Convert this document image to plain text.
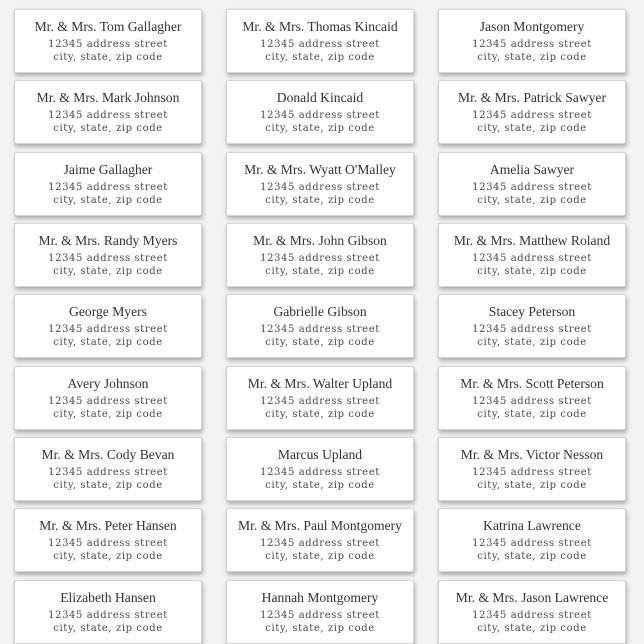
Mr. & Mrs. Tom Gallagher
12345 address street
city, state, zip code
Mr. & Mrs. Thomas Kincaid
12345 address street
city, state, zip code
Jason Montgomery
12345 address street
city, state, zip code
Mr. & Mrs. Mark Johnson
12345 address street
city, state, zip code
Donald Kincaid
12345 address street
city, state, zip code
Mr. & Mrs. Patrick Sawyer
12345 address street
city, state, zip code
Jaime Gallagher
12345 address street
city, state, zip code
Mr. & Mrs. Wyatt O'Malley
12345 address street
city, state, zip code
Amelia Sawyer
12345 address street
city, state, zip code
Mr. & Mrs. Randy Myers
12345 address street
city, state, zip code
Mr. & Mrs. John Gibson
12345 address street
city, state, zip code
Mr. & Mrs. Matthew Roland
12345 address street
city, state, zip code
George Myers
12345 address street
city, state, zip code
Gabrielle Gibson
12345 address street
city, state, zip code
Stacey Peterson
12345 address street
city, state, zip code
Avery Johnson
12345 address street
city, state, zip code
Mr. & Mrs. Walter Upland
12345 address street
city, state, zip code
Mr. & Mrs. Scott Peterson
12345 address street
city, state, zip code
Mr. & Mrs. Cody Bevan
12345 address street
city, state, zip code
Marcus Upland
12345 address street
city, state, zip code
Mr. & Mrs. Victor Nesson
12345 address street
city, state, zip code
Mr. & Mrs. Peter Hansen
12345 address street
city, state, zip code
Mr. & Mrs. Paul Montgomery
12345 address street
city, state, zip code
Katrina Lawrence
12345 address street
city, state, zip code
Elizabeth Hansen
12345 address street
city, state, zip code
Hannah Montgomery
12345 address street
city, state, zip code
Mr. & Mrs. Jason Lawrence
12345 address street
city, state, zip code
